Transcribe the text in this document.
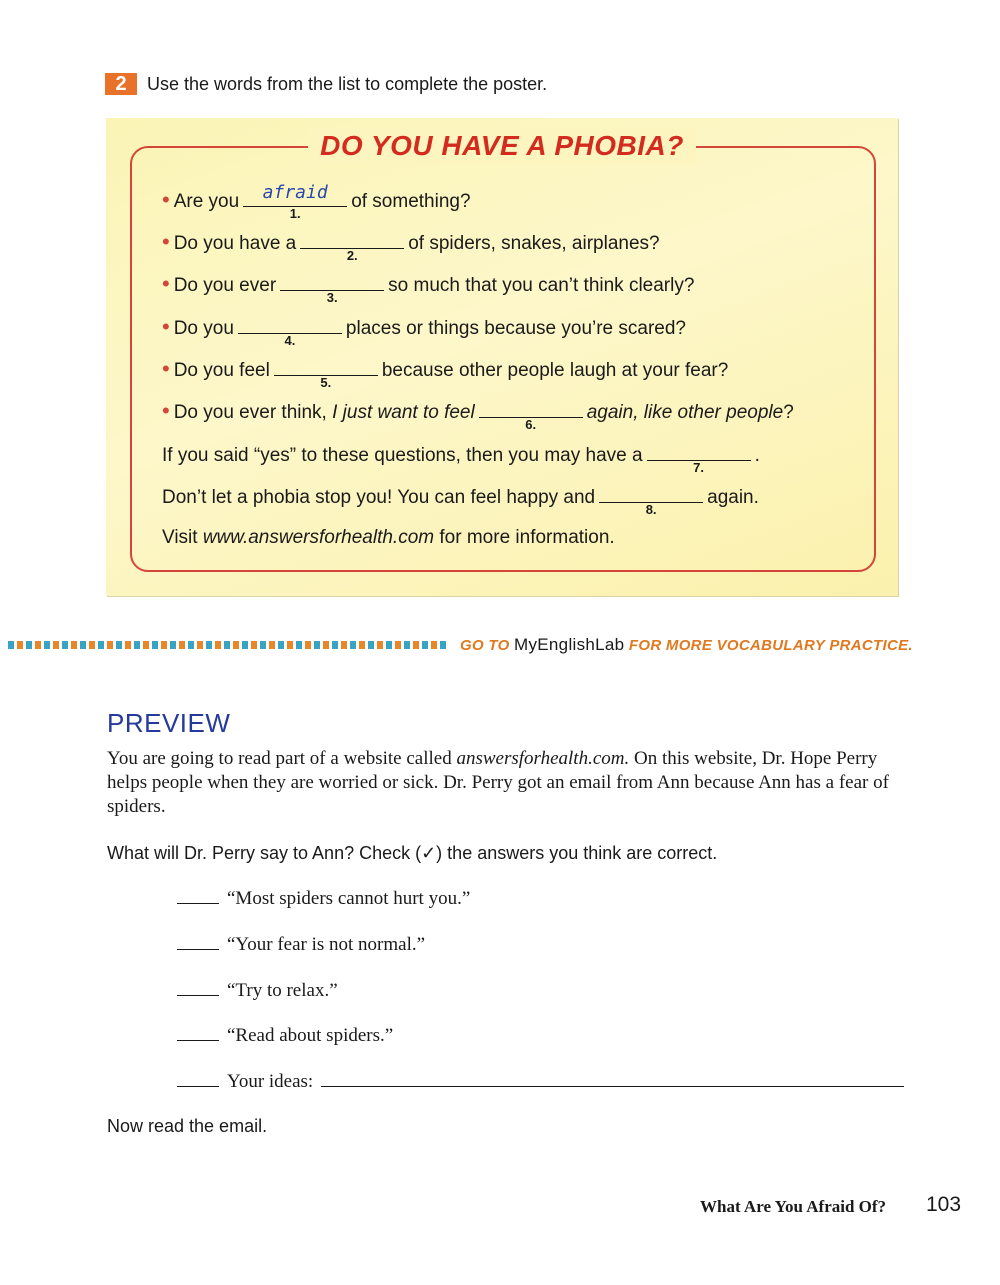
2	Use the words from the list to complete the poster.
DO YOU HAVE A PHOBIA?
• Are you	afraid
1.
of something?
• Do you have a
2.
of spiders, snakes, airplanes?
• Do you ever
3.
so much that you can’t think clearly?
• Do you
4.
places or things because you’re scared?
• Do you feel
5.
because other people laugh at your fear?
• Do you ever think, I just want to feel
6.
again, like other people?
If you said “yes” to these questions, then you may have a
7.
.
Don’t let a phobia stop you! You can feel happy and
8.
again.
Visit www.answersforhealth.com for more information.
GO TO MyEnglishLab FOR MORE VOCABULARY PRACTICE.
PREVIEW
You are going to read part of a website called answersforhealth.com. On this website, Dr. Hope Perry helps people when they are worried or sick. Dr. Perry got an email from Ann because Ann has a fear of spiders.
What will Dr. Perry say to Ann? Check (✓) the answers you think are correct.
“Most spiders cannot hurt you.”
“Your fear is not normal.”
“Try to relax.”
“Read about spiders.”
Your ideas:
Now read the email.
What Are You Afraid Of? 103
